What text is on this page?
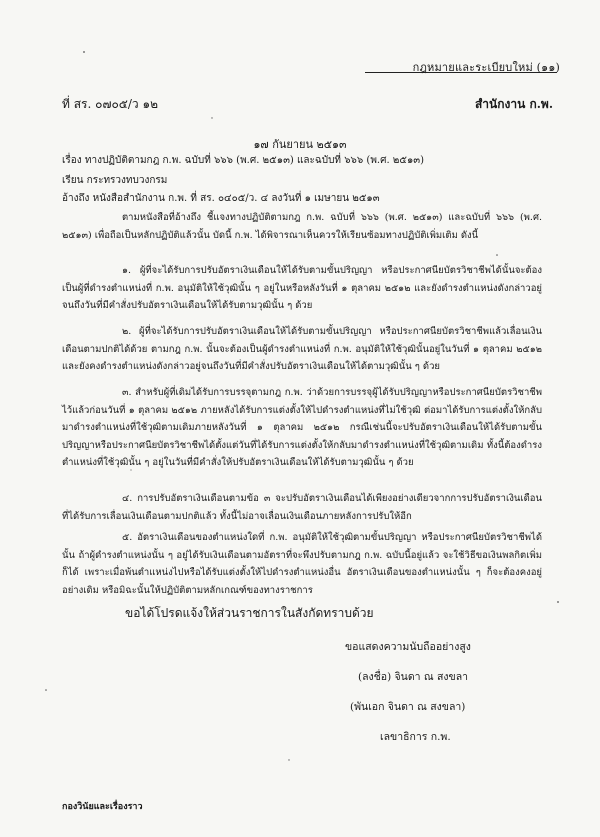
กฎหมายและระเบียบใหม่ (๑๑)
ที่ สร. ๐๗๐๕/ว ๑๒	สำนักงาน ก.พ.
๑๗ กันยายน ๒๕๑๓
เรื่อง ทางปฏิบัติตามกฎ ก.พ. ฉบับที่ ๖๖๖ (พ.ศ. ๒๕๑๓) และฉบับที่ ๖๖๖ (พ.ศ. ๒๕๑๓)
เรียน กระทรวงทบวงกรม
อ้างถึง หนังสือสำนักงาน ก.พ. ที่ สร. ๐๔๐๕/ว. ๔ ลงวันที่ ๑ เมษายน ๒๕๑๓
ตามหนังสือที่อ้างถึง ชี้แจงทางปฏิบัติตามกฎ ก.พ. ฉบับที่ ๖๖๖ (พ.ศ. ๒๕๑๓) และฉบับที่ ๖๖๖ (พ.ศ. ๒๕๑๓) เพื่อถือเป็นหลักปฏิบัติแล้วนั้น บัดนี้ ก.พ. ได้พิจารณาเห็นควรให้เรียนซ้อมทางปฏิบัติเพิ่มเติม ดังนี้
๑. ผู้ที่จะได้รับการปรับอัตราเงินเดือนให้ได้รับตามขั้นปริญญา หรือประกาศนียบัตรวิชาชีพได้นั้นจะต้องเป็นผู้ที่ดำรงตำแหน่งที่ ก.พ. อนุมัติให้ใช้วุฒินั้น ๆ อยู่ในหรือหลังวันที่ ๑ ตุลาคม ๒๕๑๒ และยังดำรงตำแหน่งดังกล่าวอยู่จนถึงวันที่มีคำสั่งปรับอัตราเงินเดือนให้ได้รับตามวุฒินั้น ๆ ด้วย
๒. ผู้ที่จะได้รับการปรับอัตราเงินเดือนให้ได้รับตามขั้นปริญญา หรือประกาศนียบัตรวิชาชีพแล้วเลื่อนเงินเดือนตามปกติได้ด้วย ตามกฎ ก.พ. นั้นจะต้องเป็นผู้ดำรงตำแหน่งที่ ก.พ. อนุมัติให้ใช้วุฒินั้นอยู่ในวันที่ ๑ ตุลาคม ๒๕๑๒ และยังคงดำรงตำแหน่งดังกล่าวอยู่จนถึงวันที่มีคำสั่งปรับอัตราเงินเดือนให้ได้ตามวุฒินั้น ๆ ด้วย
๓. สำหรับผู้ที่เดิมได้รับการบรรจุตามกฎ ก.พ. ว่าด้วยการบรรจุผู้ได้รับปริญญาหรือประกาศนียบัตรวิชาชีพไว้แล้วก่อนวันที่ ๑ ตุลาคม ๒๕๑๒ ภายหลังได้รับการแต่งตั้งให้ไปดำรงตำแหน่งที่ไม่ใช้วุฒิ ต่อมาได้รับการแต่งตั้งให้กลับมาดำรงตำแหน่งที่ใช้วุฒิตามเดิมภายหลังวันที่ ๑ ตุลาคม ๒๕๑๒ กรณีเช่นนี้จะปรับอัตราเงินเดือนให้ได้รับตามขั้นปริญญาหรือประกาศนียบัตรวิชาชีพได้ตั้งแต่วันที่ได้รับการแต่งตั้งให้กลับมาดำรงตำแหน่งที่ใช้วุฒิตามเดิม ทั้งนี้ต้องดำรงตำแหน่งที่ใช้วุฒินั้น ๆ อยู่ในวันที่มีคำสั่งให้ปรับอัตราเงินเดือนให้ได้รับตามวุฒินั้น ๆ ด้วย
๔. การปรับอัตราเงินเดือนตามข้อ ๓ จะปรับอัตราเงินเดือนได้เพียงอย่างเดียวจากการปรับอัตราเงินเดือนที่ได้รับการเลื่อนเงินเดือนตามปกติแล้ว ทั้งนี้ไม่อาจเลื่อนเงินเดือนภายหลังการปรับให้อีก
๕. อัตราเงินเดือนของตำแหน่งใดที่ ก.พ. อนุมัติให้ใช้วุฒิตามขั้นปริญญา หรือประกาศนียบัตรวิชาชีพได้นั้น ถ้าผู้ดำรงตำแหน่งนั้น ๆ อยู่ได้รับเงินเดือนตามอัตราที่จะพึงปรับตามกฎ ก.พ. ฉบับนี้อยู่แล้ว จะใช้วิธีขอเงินพลกิตเพิ่มก็ได้ เพราะเมื่อพ้นตำแหน่งไปหรือได้รับแต่งตั้งให้ไปดำรงตำแหน่งอื่น อัตราเงินเดือนของตำแหน่งนั้น ๆ ก็จะต้องคงอยู่อย่างเดิม หรือมิฉะนั้นให้ปฏิบัติตามหลักเกณฑ์ของทางราชการ
ขอได้โปรดแจ้งให้ส่วนราชการในสังกัดทราบด้วย
ขอแสดงความนับถืออย่างสูง
(ลงชื่อ) จินดา ณ สงขลา
(พันเอก จินดา ณ สงขลา)
เลขาธิการ ก.พ.
กองวินัยและเรื่องราว
